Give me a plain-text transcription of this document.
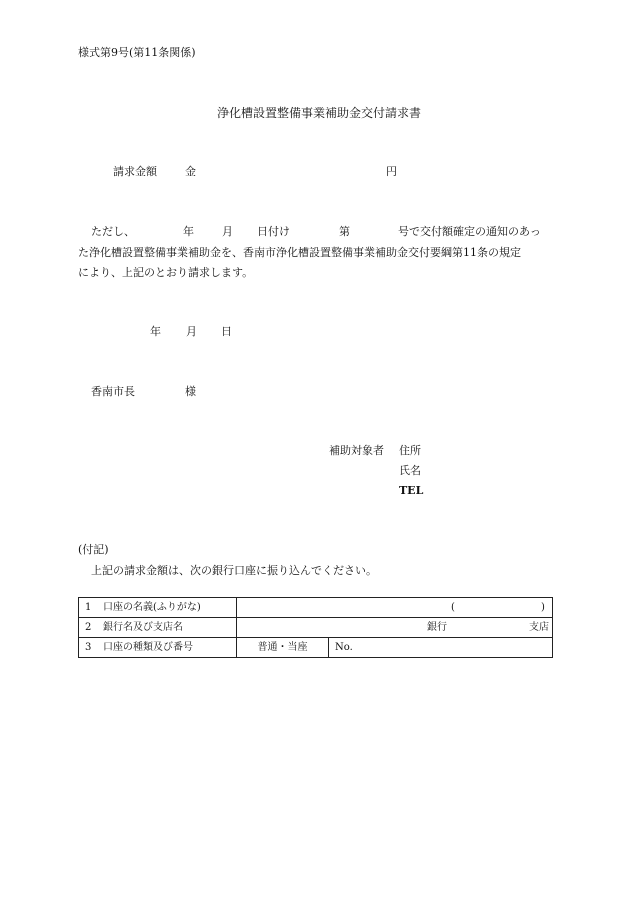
様式第9号(第11条関係)
浄化槽設置整備事業補助金交付請求書
請求金額	金	円
ただし、	年	月 日付け	第	号で交付額確定の通知のあっ
た浄化槽設置整備事業補助金を、香南市浄化槽設置整備事業補助金交付要綱第11条の規定
により、上記のとおり請求します。
年 月 日
香南市長	様
補助対象者 住所
氏名
TEL
(付記)
上記の請求金額は、次の銀行口座に振り込んでください。
1 口座の名義(ふりがな)	( )	

2 銀行名及び支店名	銀行 支店	

3 口座の種類及び番号	普通・当座	No.
